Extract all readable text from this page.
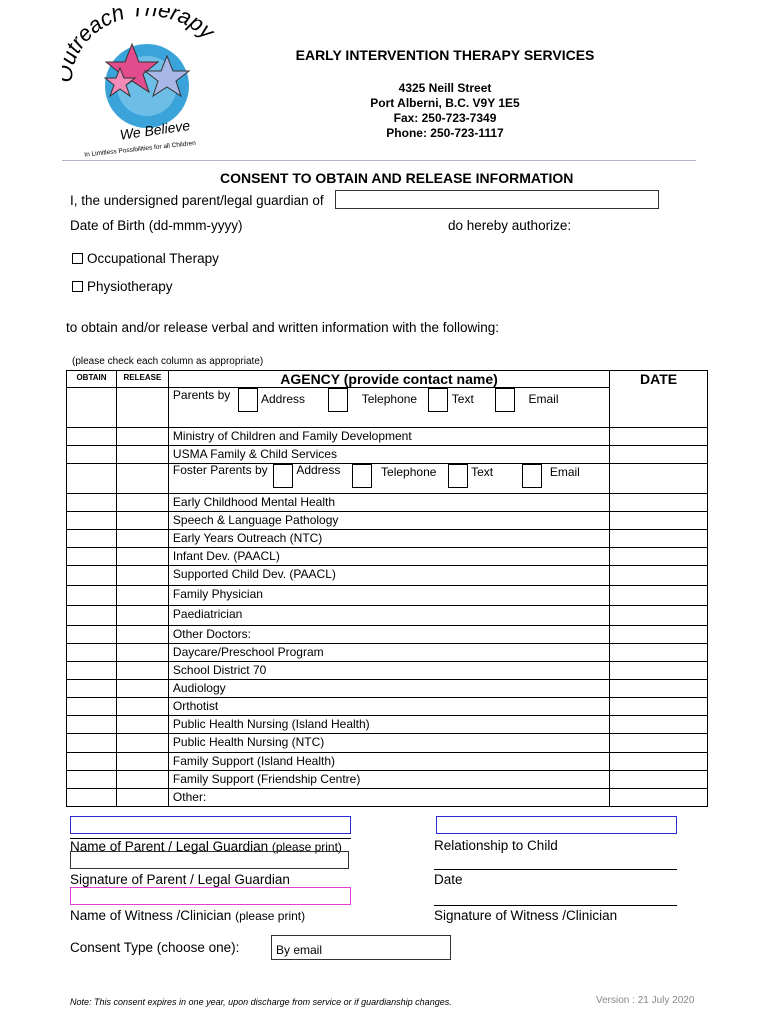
treach Therapy
We Believe
In Limitless Possibilities for all Children
EARLY INTERVENTION THERAPY SERVICES
4325 Neill Street
Port Alberni, B.C. V9Y 1E5
Fax: 250-723-7349
Phone: 250-723-1117
CONSENT TO OBTAIN AND RELEASE INFORMATION
I, the undersigned parent/legal guardian of
Date of Birth (dd-mmm-yyyy)	do hereby authorize:
Occupational Therapy
Physiotherapy
to obtain and/or release verbal and written information with the following:
(please check each column as appropriate)
OBTAIN	RELEASE	AGENCY (provide contact name)	DATE
		Parents by Address Telephone Text Email	
		Ministry of Children and Family Development	
		USMA Family & Child Services	
		Foster Parents by Address Telephone Text Email	
		Early Childhood Mental Health	
		Speech & Language Pathology	
		Early Years Outreach (NTC)	
		Infant Dev. (PAACL)	
		Supported Child Dev. (PAACL)	
		Family Physician	
		Paediatrician	
		Other Doctors:	
		Daycare/Preschool Program	
		School District 70	
		Audiology	
		Orthotist	
		Public Health Nursing (Island Health)	
		Public Health Nursing (NTC)	
		Family Support (Island Health)	
		Family Support (Friendship Centre)	
		Other:	
Name of Parent / Legal Guardian (please print)	Relationship to Child
Signature of Parent / Legal Guardian	Date
Name of Witness /Clinician (please print)	Signature of Witness /Clinician
Consent Type (choose one):	By email
Note: This consent expires in one year, upon discharge from service or if guardianship changes.	Version : 21 July 2020
